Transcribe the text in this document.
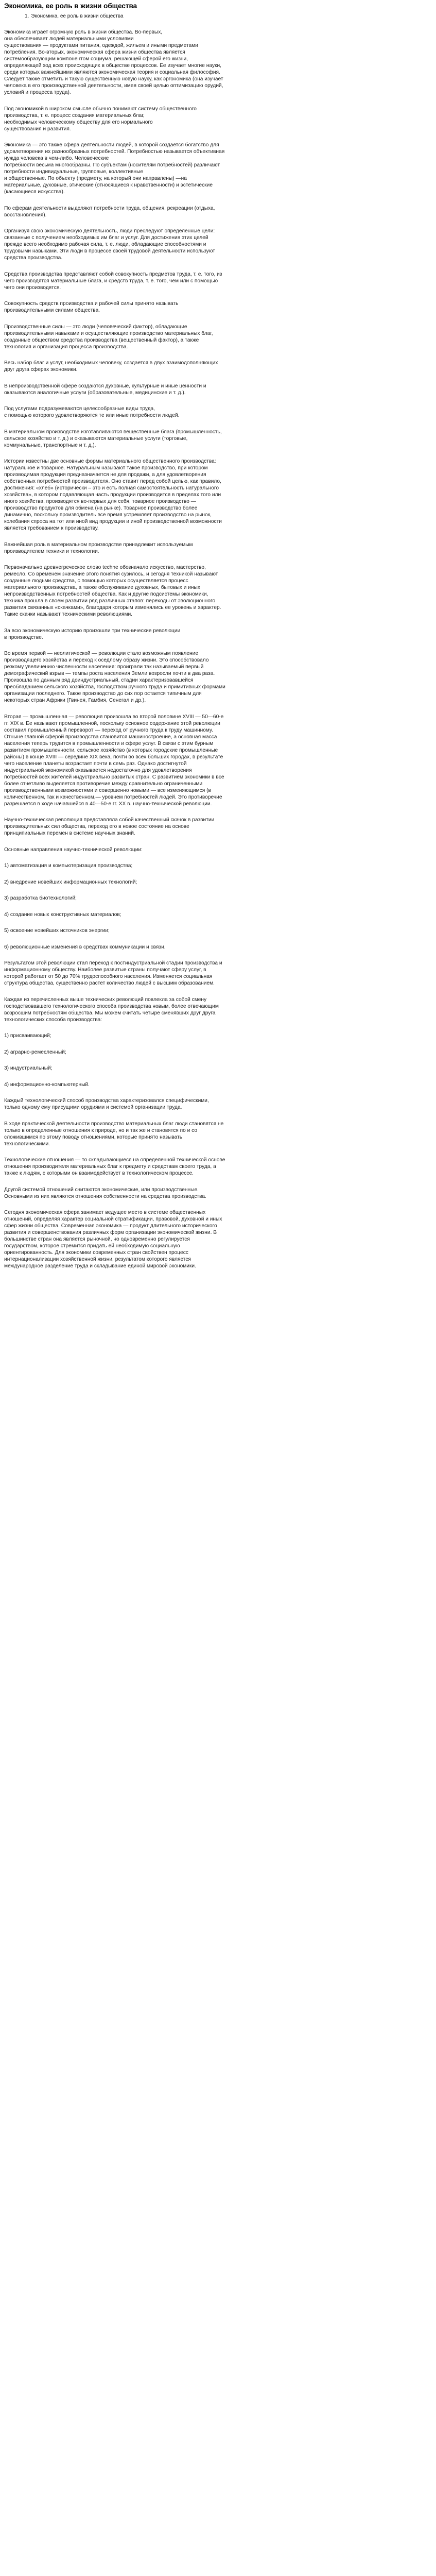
Экономика, ее роль в жизни общества
1. Экономика, ее роль в жизни общества

Экономика играет огромную роль в жизни общества. Во-первых,
она обеспечивает людей материальными условиями
существования — продуктами питания, одеждой, жильем и иными предметами потребления. Во-вторых, экономическая сфера жизни общества является системообразующим компонентом социума, решающей сферой его жизни, определяющей ход всех происходящих в обществе процессов. Ее изучает многие науки, среди которых важнейшими являются экономическая теория и социальная философия. Следует также отметить и такую существенную новую науку, как эргономика (она изучает человека в его производственной деятельности, имея своей целью оптимизацию орудий, условий и процесса труда).

Под экономикой в широком смысле обычно понимают систему общественного производства, т. е. процесс создания материальных благ,
необходимых человеческому обществу для его нормального
существования и развития.

Экономика — это также сфера деятельности людей, в которой создается богатство для удовлетворения их разнообразных потребностей. Потребностью называется объективная нужда человека в чем-либо. Человеческие
потребности весьма многообразны. По субъектам (носителям потребностей) различают потребности индивидуальные, групповые, коллективные
и общественные. По объекту (предмету, на который они направлены) —на материальные, духовные, этические (относящиеся к нравственности) и эстетические (касающиеся искусства).

По сферам деятельности выделяют потребности труда, общения, рекреации (отдыха, восстановления).

Организуя свою экономическую деятельность, люди преследуют определенные цели: связанные с получением необходимых им благ и услуг. Для достижения этих целей прежде всего необходимо рабочая сила, т. е. люди, обладающие способностями и трудовыми навыками. Эти люди в процессе своей трудовой деятельности используют средства производства.

Средства производства представляют собой совокупность предметов труда, т. е. того, из чего производятся материальные блага, и средств труда, т. е. того, чем или с помощью чего они производятся.

Совокупность средств производства и рабочей силы принято называть производительными силами общества.

Производственные силы — это люди (человеческий фактор), обладающие производительными навыками и осуществляющие производство материальных благ, созданные обществом средства производства (вещественный фактор), а также технология и организация процесса производства.

Весь набор благ и услуг, необходимых человеку, создается в двух взаимодополняющих друг друга сферах экономики.

В непроизводственной сфере создаются духовные, культурные и иные ценности и оказываются аналогичные услуги (образовательные, медицинские и т. д.).

Под услугами подразумеваются целесообразные виды труда,
с помощью которого удовлетворяются те или иные потребности людей.

В материальном производстве изготавливаются вещественные блага (промышленность, сельское хозяйство и т. д.) и оказываются материальные услуги (торговые, коммунальные, транспортные и т. д.).

Истории известны две основные формы материального общественного производства: натуральное и товарное. Натуральным называют такое производство, при котором производимая продукция предназначается не для продажи, а для удовлетворения собственных потребностей производителя. Оно ставит перед собой целью, как правило, достижения: «хлеб» (исторически – это и есть полная самостоятельность натурального хозяйства», в котором подавляющая часть продукции производится в пределах того или иного хозяйства, производятся во-первых для себя, товарное производство — производство продуктов для обмена (на рынке). Товарное производство более динамично, поскольку производитель все время устремляет производство на рынок, колебания спроса на тот или иной вид продукции и иной производственной возможности является требованием к производству.

Важнейшая роль в материальном производстве принадлежит используемым производителем техники и технологии.

Первоначально древнегреческое слово techne обозначало искусство, мастерство, ремесло. Со временем значение этого понятия сузилось, и сегодня техникой называют созданные людьми средства, с помощью которых осуществляется процесс материального производства, а также обслуживание духовных, бытовых и иных непроизводственных потребностей общества. Как и другие подсистемы экономики, техника прошла в своем развитии ряд различных этапов: переходы от эволюционного развития связанных «скачками», благодаря которым изменялись ее уровень и характер. Такие скачки называют техническими революциями.

За всю экономическую историю произошли три технические революции
в производстве.

Во время первой — неолитической — революции стало возможным появление производящего хозяйства и переход к оседлому образу жизни. Это способствовало резкому увеличению численности населения: проиграли так называемый первый демографический взрыв — темпы роста населения Земли возросли почти в два раза. Произошла по данным ряд доиндустриальный, стадии характеризовавшейся преобладанием сельского хозяйства, господством ручного труда и примитивных формами организации последнего. Такое производство до сих пор остается типичным для некоторых стран Африки (Гвинея, Гамбия, Сенегал и др.).

Вторая — промышленная — революция произошла во второй половине XVIII — 50—60-е гг. XIX в. Ее называют промышленной, поскольку основное содержание этой революции составил промышленный переворот — переход от ручного труда к труду машинному. Отныне главной сферой производства становится машиностроение, а основная масса населения теперь трудится в промышленности и сфере услуг. В связи с этим бурным развитием промышленности, сельское хозяйство (в которых городские промышленные районы) в конце XVIII — середине XIX века, почти во всех больших городах, в результате чего население планеты возрастает почти в семь раз. Однако достигнутой индустриальной экономикой оказывается недостаточно для удовлетворения потребностей всех жителей индустриально развитых стран. С развитием экономики в все более отчетливо выделяется противоречие между сравнительно ограниченными производственными возможностями и совершенно новыми — все изменяющимся (в количественном, так и качественном,— уровнем потребностей людей. Это противоречие разрешается в ходе начавшейся в 40—50-е гг. XX в. научно-технической революции.

Научно-техническая революция представляла собой качественный скачок в развитии производительных сил общества, переход его в новое состояние на основе принципиальных перемен в системе научных знаний.

Основные направления научно-технической революции:

1) автоматизация и компьютеризация производства;

2) внедрение новейших информационных технологий;

3) разработка биотехнологий;

4) создание новых конструктивных материалов;

5) освоение новейших источников энергии;

6) революционные изменения в средствах коммуникации и связи.

Результатом этой революции стал переход к постиндустриальной стадии производства и информационному обществу. Наиболее развитые страны получают сферу услуг, в которой работает от 50 до 70% трудоспособного населения. Изменяется социальная структура общества, существенно растет количество людей с высшим образованием.

Каждая из перечисленных выше технических революций повлекла за собой смену господствовавшего технологического способа производства новым, более отвечающим возросшим потребностям общества. Мы можем считать четыре сменявших друг друга технологических способа производства:

1) присваивающий;

2) аграрно-ремесленный;

3) индустриальный;

4) информационно-компьютерный.

Каждый технологический способ производства характеризовался специфическими, только одному ему присущими орудиями и системой организации труда.

В ходе практической деятельности производство материальных благ люди становятся не только в определенные отношения к природе, но и так же и становятся по и со сложившимся по этому поводу отношениями, которые принято называть технологическими.

Технологические отношения — то складывающиеся на определенной технической основе отношения производителя материальных благ к предмету и средствам своего труда, а также к людям, с которыми он взаимодействует в технологическом процессе.

Другой системой отношений считаются экономические, или производственные. Основными из них являются отношения собственности на средства производства.

Сегодня экономическая сфера занимает ведущее место в системе общественных отношений, определяя характер социальной стратификации, правовой, духовной и иных сфер жизни общества. Современная экономика — продукт длительного исторического развития и совершенствования различных форм организации экономической жизни. В большинстве стран она является рыночной, но одновременно регулируется государством, которое стремится придать ей необходимую социальную ориентированность. Для экономики современных стран свойствен процесс интернационализации хозяйственной жизни, результатом которого является международное разделение труда и складывание единой мировой экономики.
